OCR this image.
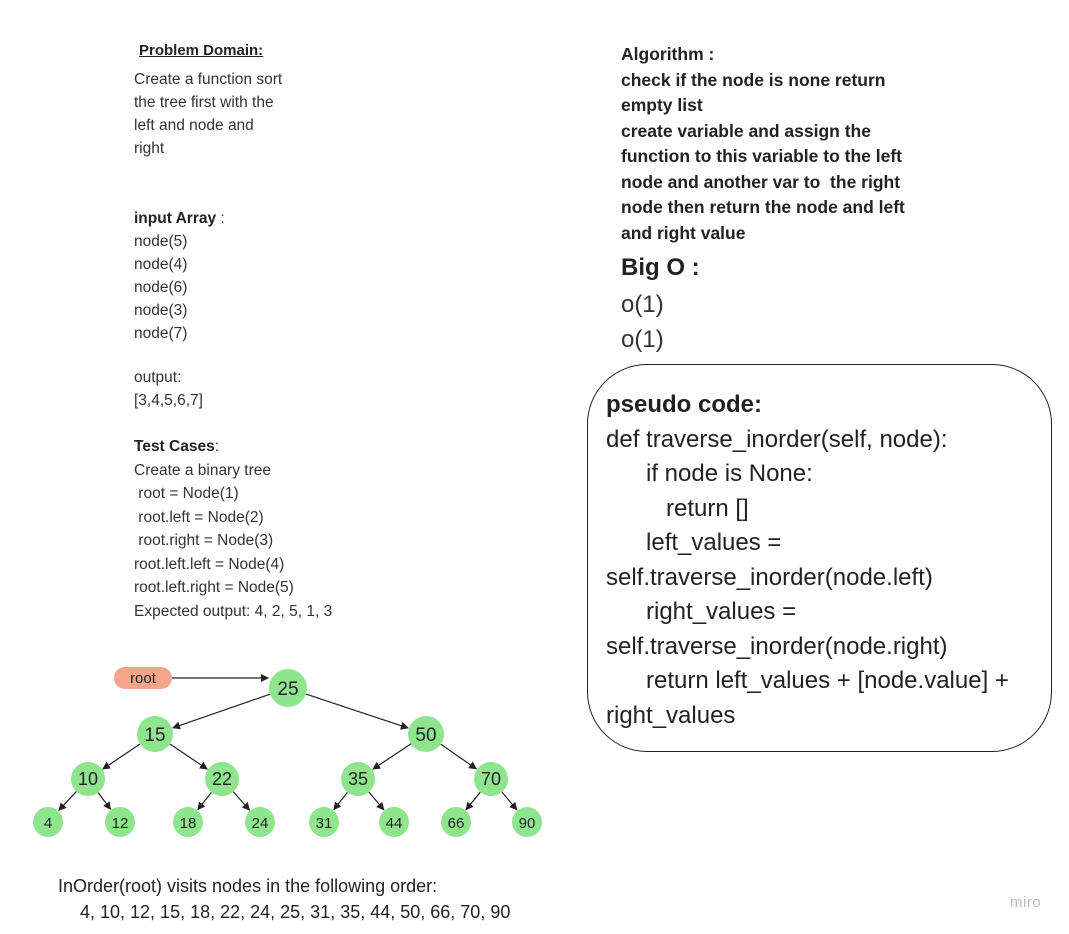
Problem Domain:
Create a function sort
the tree first with the
left and node and
right
input Array :
node(5)
node(4)
node(6)
node(3)
node(7)
output:
[3,4,5,6,7]
Test Cases:
Create a binary tree
root = Node(1)
root.left = Node(2)
root.right = Node(3)
root.left.left = Node(4)
root.left.right = Node(5)
Expected output: 4, 2, 5, 1, 3
Algorithm :
check if the node is none return
empty list
create variable and assign the
function to this variable to the left
node and another var to  the right
node then return the node and left
and right value
Big O :
o(1)
o(1)
pseudo code:
def traverse_inorder(self, node):
if node is None:
return []
left_values =
self.traverse_inorder(node.left)
right_values =
self.traverse_inorder(node.right)
return left_values + [node.value] +
right_values
25
15	50
10	22	35	70
4	12	18	24	31	44	66	90
root
InOrder(root) visits nodes in the following order:
4, 10, 12, 15, 18, 22, 24, 25, 31, 35, 44, 50, 66, 70, 90	miro
